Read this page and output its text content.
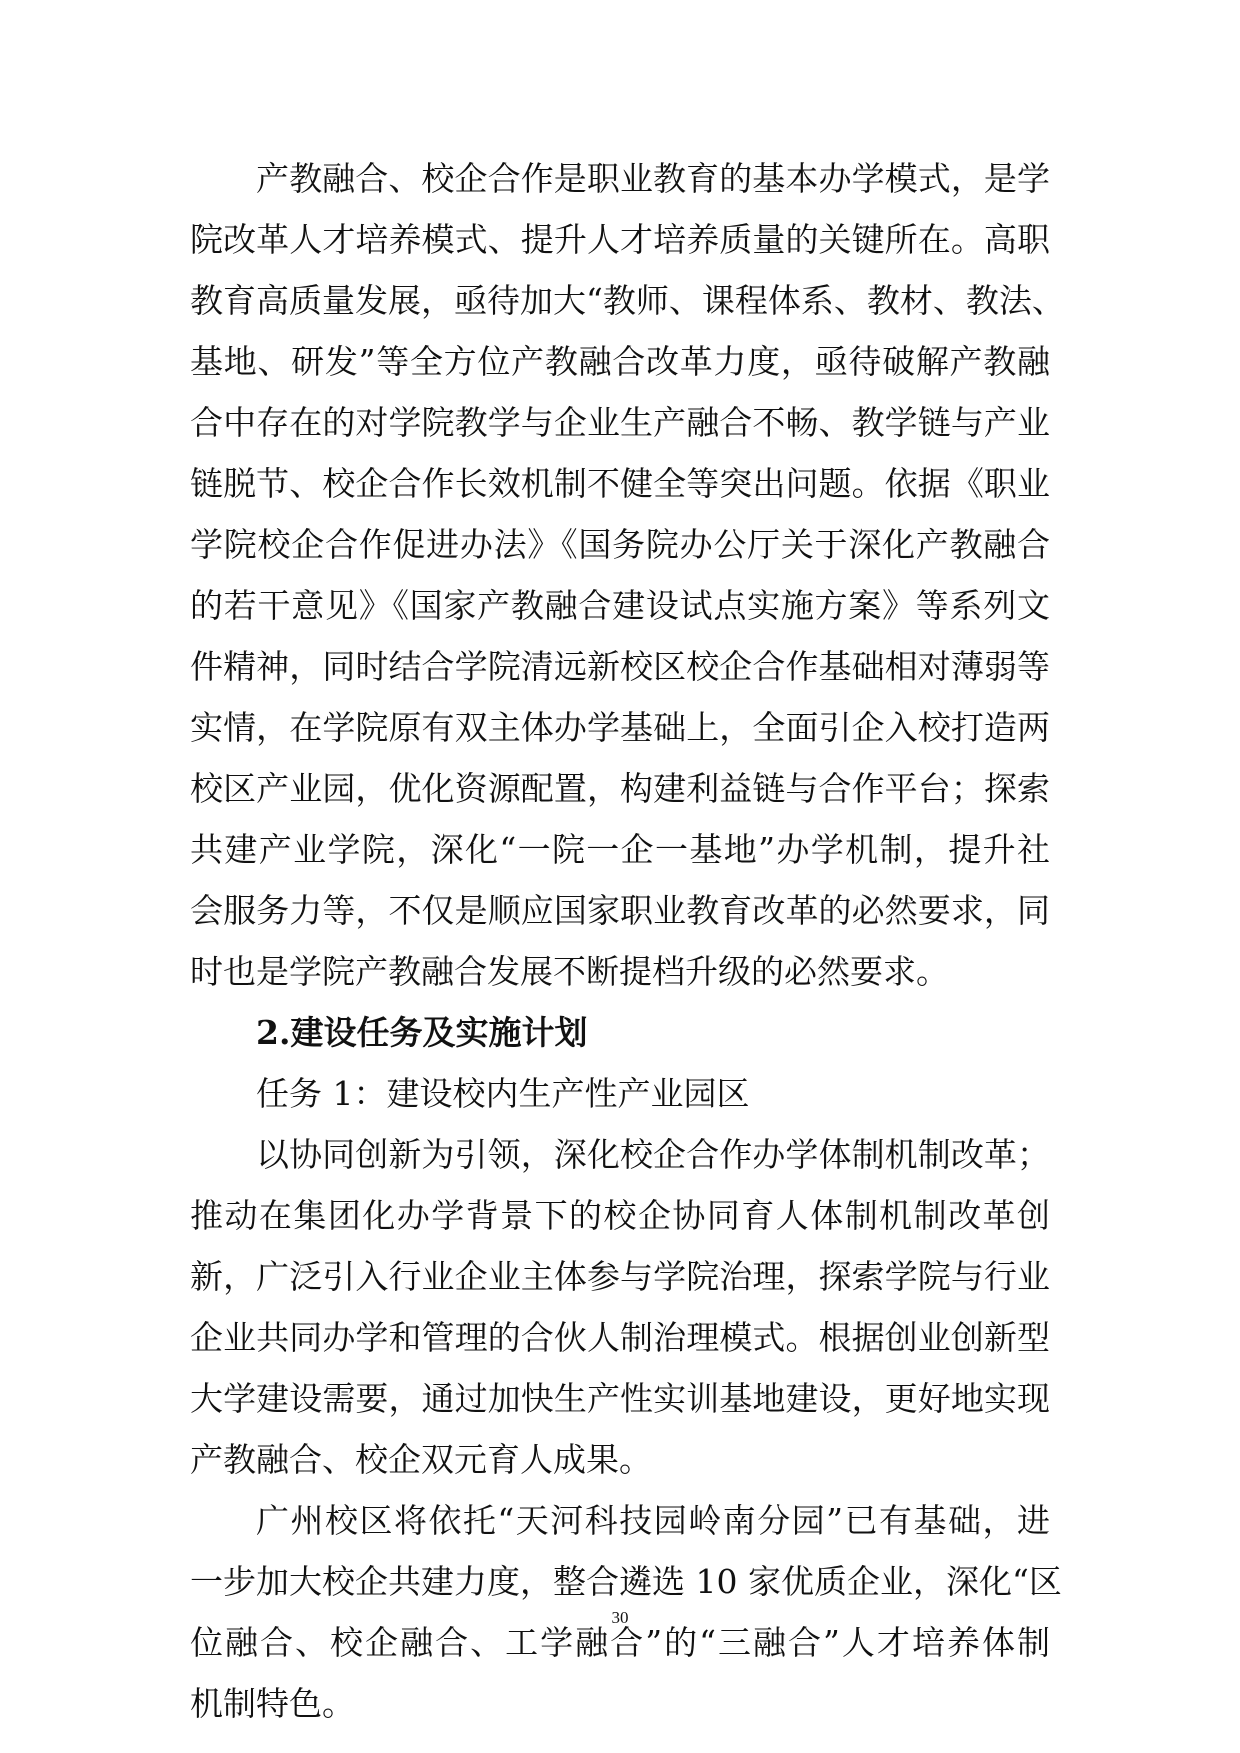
产教融合、校企合作是职业教育的基本办学模式，是学
院改革人才培养模式、提升人才培养质量的关键所在。高职
教育高质量发展，亟待加大“教师、课程体系、教材、教法、
基地、研发”等全方位产教融合改革力度，亟待破解产教融
合中存在的对学院教学与企业生产融合不畅、教学链与产业
链脱节、校企合作长效机制不健全等突出问题。依据《职业
学院校企合作促进办法》《国务院办公厅关于深化产教融合
的若干意见》《国家产教融合建设试点实施方案》等系列文
件精神，同时结合学院清远新校区校企合作基础相对薄弱等
实情，在学院原有双主体办学基础上，全面引企入校打造两
校区产业园，优化资源配置，构建利益链与合作平台；探索
共建产业学院，深化“一院一企一基地”办学机制，提升社
会服务力等，不仅是顺应国家职业教育改革的必然要求，同
时也是学院产教融合发展不断提档升级的必然要求。
2.建设任务及实施计划
任务 1：建设校内生产性产业园区
以协同创新为引领，深化校企合作办学体制机制改革；
推动在集团化办学背景下的校企协同育人体制机制改革创
新，广泛引入行业企业主体参与学院治理，探索学院与行业
企业共同办学和管理的合伙人制治理模式。根据创业创新型
大学建设需要，通过加快生产性实训基地建设，更好地实现
产教融合、校企双元育人成果。
广州校区将依托“天河科技园岭南分园”已有基础，进
一步加大校企共建力度，整合遴选 10 家优质企业，深化“区
位融合、校企融合、工学融合”的“三融合”人才培养体制
机制特色。
30
